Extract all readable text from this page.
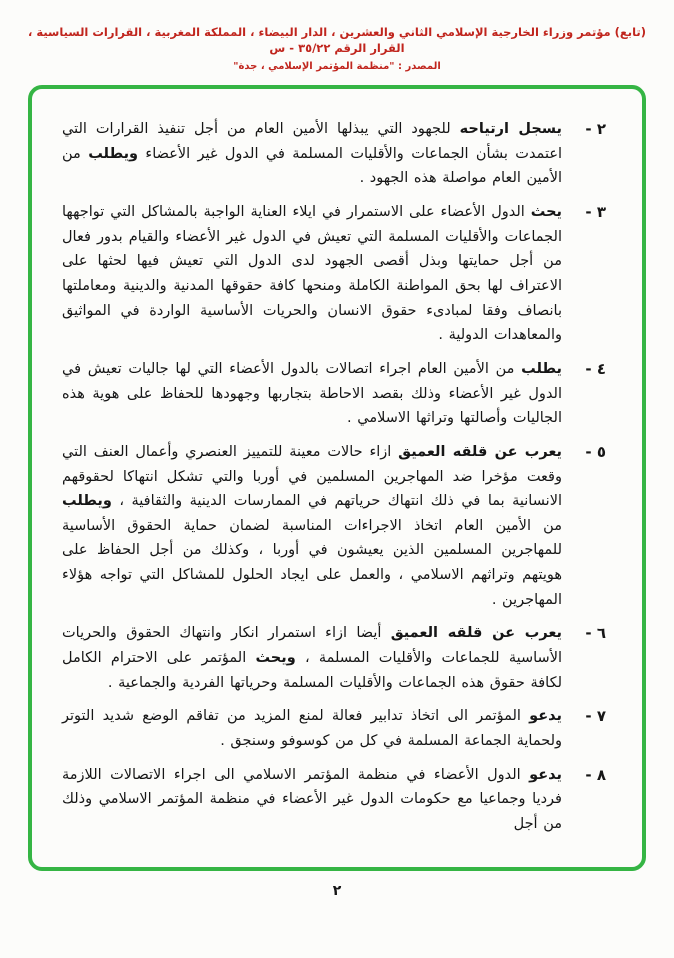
(تابع) مؤتمر وزراء الخارجية الإسلامي الثاني والعشرين ، الدار البيضاء ، المملكة المغربية ، القرارات السياسية ، القرار الرقم ٣٥/٢٢ - س
المصدر : "منظمة المؤتمر الإسلامي ، جدة"
٢ -
يسجل ارتياحه للجهود التي يبذلها الأمين العام من أجل تنفيذ القرارات التي اعتمدت بشأن الجماعات والأقليات المسلمة في الدول غير الأعضاء ويطلب من الأمين العام مواصلة هذه الجهود .
٣ -
يحث الدول الأعضاء على الاستمرار في ايلاء العناية الواجبة بالمشاكل التي تواجهها الجماعات والأقليات المسلمة التي تعيش في الدول غير الأعضاء والقيام بدور فعال من أجل حمايتها وبذل أقصى الجهود لدى الدول التي تعيش فيها لحثها على الاعتراف لها بحق المواطنة الكاملة ومنحها كافة حقوقها المدنية والدينية ومعاملتها بانصاف وفقا لمبادىء حقوق الانسان والحريات الأساسية الواردة في المواثيق والمعاهدات الدولية .
٤ -
يطلب من الأمين العام اجراء اتصالات بالدول الأعضاء التي لها جاليات تعيش في الدول غير الأعضاء وذلك بقصد الاحاطة بتجاربها وجهودها للحفاظ على هوية هذه الجاليات وأصالتها وتراثها الاسلامي .
٥ -
يعرب عن قلقه العميق ازاء حالات معينة للتمييز العنصري وأعمال العنف التي وقعت مؤخرا ضد المهاجرين المسلمين في أوربا والتي تشكل انتهاكا لحقوقهم الانسانية بما في ذلك انتهاك حرياتهم في الممارسات الدينية والثقافية ، ويطلب من الأمين العام اتخاذ الاجراءات المناسبة لضمان حماية الحقوق الأساسية للمهاجرين المسلمين الذين يعيشون في أوربا ، وكذلك من أجل الحفاظ على هويتهم وتراثهم الاسلامي ، والعمل على ايجاد الحلول للمشاكل التي تواجه هؤلاء المهاجرين .
٦ -
يعرب عن قلقه العميق أيضا ازاء استمرار انكار وانتهاك الحقوق والحريات الأساسية للجماعات والأقليات المسلمة ، ويحث المؤتمر على الاحترام الكامل لكافة حقوق هذه الجماعات والأقليات المسلمة وحرياتها الفردية والجماعية .
٧ -
يدعو المؤتمر الى اتخاذ تدابير فعالة لمنع المزيد من تفاقم الوضع شديد التوتر ولحماية الجماعة المسلمة في كل من كوسوفو وسنجق .
٨ -
يدعو الدول الأعضاء في منظمة المؤتمر الاسلامي الى اجراء الاتصالات اللازمة فرديا وجماعيا مع حكومات الدول غير الأعضاء في منظمة المؤتمر الاسلامي وذلك من أجل
٢
